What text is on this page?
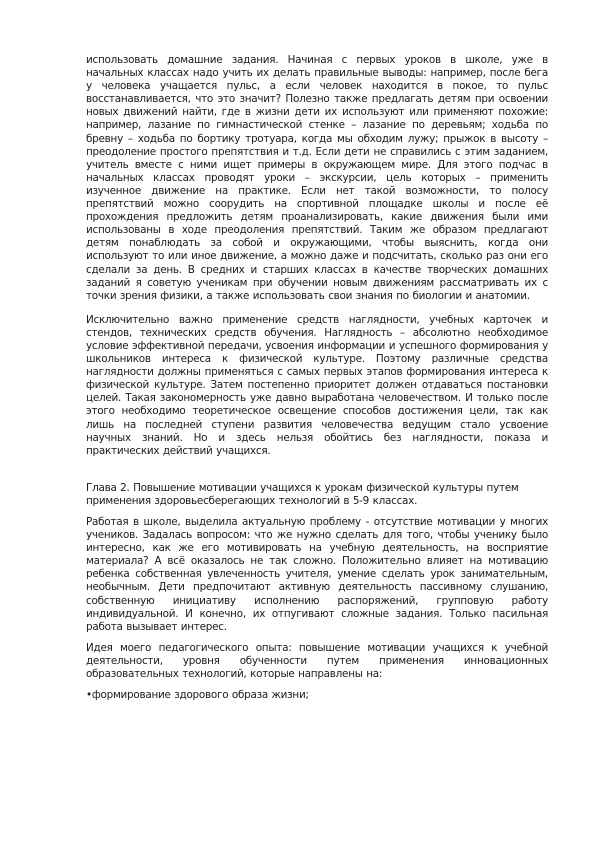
использовать домашние задания. Начиная с первых уроков в школе, уже в начальных классах надо учить их делать правильные выводы: например, после бега у человека учащается пульс, а если человек находится в покое, то пульс восстанавливается, что это значит? Полезно также предлагать детям при освоении новых движений найти, где в жизни дети их используют или применяют похожие: например, лазание по гимнастической стенке – лазание по деревьям; ходьба по бревну – ходьба по бортику тротуара, когда мы обходим лужу; прыжок в высоту – преодоление простого препятствия и т.д. Если дети не справились с этим заданием, учитель вместе с ними ищет примеры в окружающем мире. Для этого подчас в начальных классах проводят уроки – экскурсии, цель которых – применить изученное движение на практике. Если нет такой возможности, то полосу препятствий можно соорудить на спортивной площадке школы и после её прохождения предложить детям проанализировать, какие движения были ими использованы в ходе преодоления препятствий. Таким же образом предлагают детям понаблюдать за собой и окружающими, чтобы выяснить, когда они используют то или иное движение, а можно даже и подсчитать, сколько раз они его сделали за день. В средних и старших классах в качестве творческих домашних заданий я советую ученикам при обучении новым движениям рассматривать их с точки зрения физики, а также использовать свои знания по биологии и анатомии.

Исключительно важно применение средств наглядности, учебных карточек и стендов, технических средств обучения. Наглядность – абсолютно необходимое условие эффективной передачи, усвоения информации и успешного формирования у школьников интереса к физической культуре. Поэтому различные средства наглядности должны применяться с самых первых этапов формирования интереса к физической культуре. Затем постепенно приоритет должен отдаваться постановки целей. Такая закономерность уже давно выработана человечеством. И только после этого необходимо теоретическое освещение способов достижения цели, так как лишь на последней ступени развития человечества ведущим стало усвоение научных знаний. Но и здесь нельзя обойтись без наглядности, показа и практических действий учащихся.

Глава 2. Повышение мотивации учащихся к урокам физической культуры путем применения здоровьесберегающих технологий в 5-9 классах.

Работая в школе, выделила актуальную проблему - отсутствие мотивации у многих учеников. Задалась вопросом: что же нужно сделать для того, чтобы ученику было интересно, как же его мотивировать на учебную деятельность, на восприятие материала? А всё оказалось не так сложно. Положительно влияет на мотивацию ребенка собственная увлеченность учителя, умение сделать урок занимательным, необычным. Дети предпочитают активную деятельность пассивному слушанию, собственную инициативу исполнению распоряжений, групповую работу индивидуальной. И конечно, их отпугивают сложные задания. Только пасильная работа вызывает интерес.

Идея моего педагогического опыта: повышение мотивации учащихся к учебной деятельности, уровня обученности путем применения инновационных образовательных технологий, которые направлены на:

•формирование здорового образа жизни;
